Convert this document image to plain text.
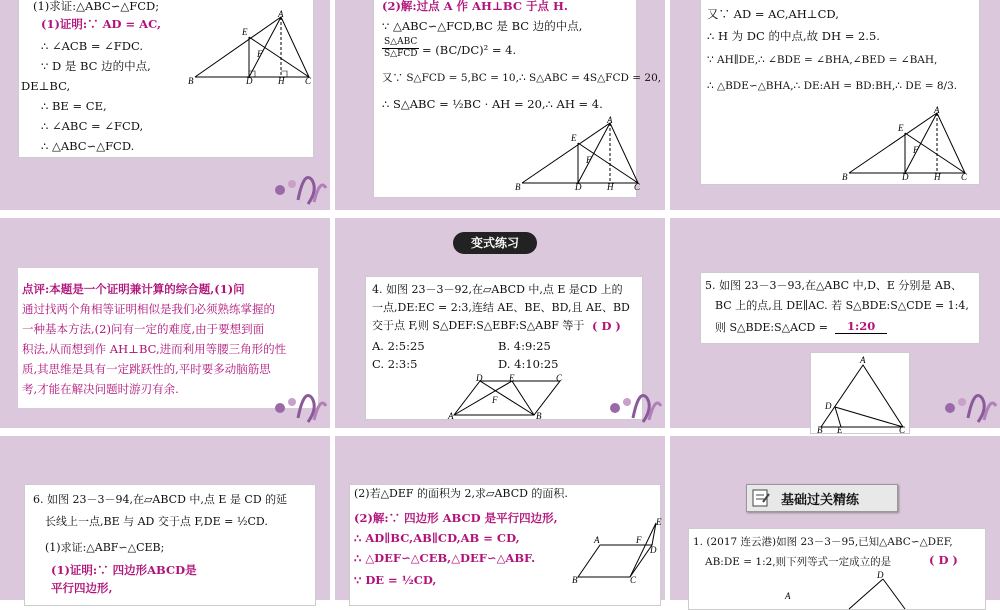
(1)求证:△ABC∽△FCD;
(1)证明:∵ AD = AC,
∴ ∠ACB = ∠FDC.
∵ D 是 BC 边的中点,
DE⊥BC,
∴ BE = CE,
∴ ∠ABC = ∠FCD,
∴ △ABC∽△FCD.
B	D	H C
A
E
F
(2)解:过点 A 作 AH⊥BC 于点 H.
∵ △ABC∽△FCD,BC 是 BC 边的中点,
S△ABC
S△FCD = (BC/DC)² = 4.
又∵ S△FCD = 5,BC = 10,∴ S△ABC = 4S△FCD = 20,
∴ S△ABC = ½BC · AH = 20,∴ AH = 4.
B	D	H C
A
E
F
又∵ AD = AC,AH⊥CD,
∴ H 为 DC 的中点,故 DH = 2.5.
∵ AH∥DE,∴ ∠BDE = ∠BHA,∠BED = ∠BAH,
∴ △BDE∽△BHA,∴ DE:AH = BD:BH,∴ DE = 8/3.
B	D	H C
A
E
F
点评:本题是一个证明兼计算的综合题,(1)问
通过找两个角相等证明相似是我们必须熟练掌握的
一种基本方法,(2)问有一定的难度,由于要想到面
积法,从而想到作 AH⊥BC,进而利用等腰三角形的性
质,其思维是具有一定跳跃性的,平时要多动脑筋思
考,才能在解决问题时游刃有余.
变式练习
4. 如图 23－3－92,在▱ABCD 中,点 E 是CD 上的
一点,DE:EC = 2:3,连结 AE、BE、BD,且 AE、BD
交于点 F,则 S△DEF:S△EBF:S△ABF 等于 ( D )
A. 2:5:25	B. 4:9:25
C. 2:3:5	D. 4:10:25
A
D	E	C
B
F
5. 如图 23－3－93,在△ABC 中,D、E 分别是 AB、
BC 上的点,且 DE∥AC. 若 S△BDE:S△CDE = 1:4,
则 S△BDE:S△ACD =	1:20
A
D
B E	C
6. 如图 23－3－94,在▱ABCD 中,点 E 是 CD 的延
长线上一点,BE 与 AD 交于点 F,DE = ½CD.
(1)求证:△ABF∽△CEB;
(1)证明:∵ 四边形ABCD是
平行四边形,
(2)若△DEF 的面积为 2,求▱ABCD 的面积.
(2)解:∵ 四边形 ABCD 是平行四边形,
∴ AD∥BC,AB∥CD,AB = CD,
∴ △DEF∽△CEB,△DEF∽△ABF.
∵ DE = ½CD,	B	C
A	F
D
E
基础过关精练
1. (2017 连云港)如图 23－3－95,已知△ABC∽△DEF,
AB:DE = 1:2,则下列等式一定成立的是	( D )
D
A
